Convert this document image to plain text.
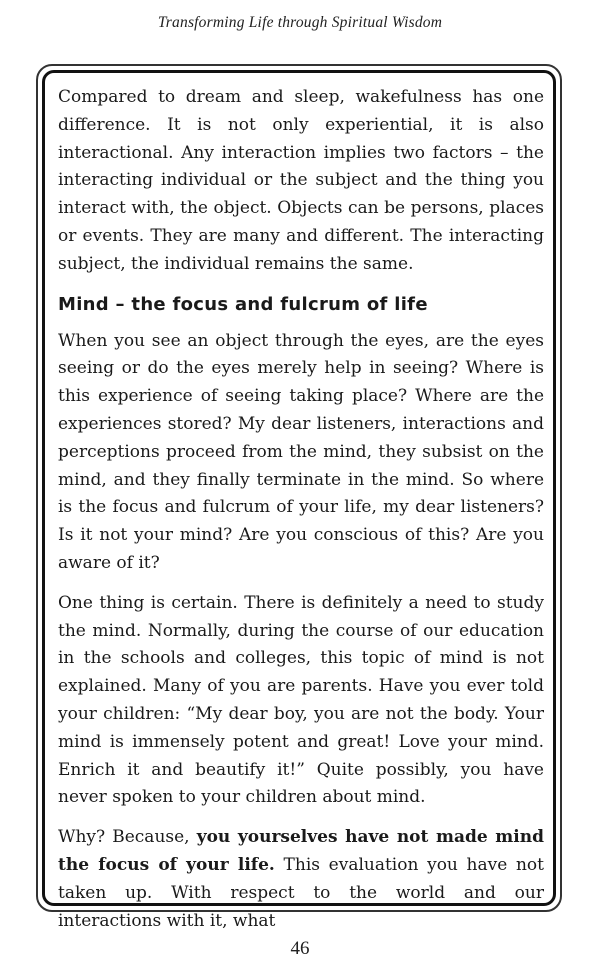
Transforming Life through Spiritual Wisdom

Compared to dream and sleep, wakefulness has one difference. It is not only experiential, it is also interactional. Any interaction implies two factors – the interacting individual or the subject and the thing you interact with, the object. Objects can be persons, places or events. They are many and different. The interacting subject, the individual remains the same.

Mind – the focus and fulcrum of life

When you see an object through the eyes, are the eyes seeing or do the eyes merely help in seeing? Where is this experience of seeing taking place? Where are the experiences stored? My dear listeners, interactions and perceptions proceed from the mind, they subsist on the mind, and they finally terminate in the mind. So where is the focus and fulcrum of your life, my dear listeners? Is it not your mind? Are you conscious of this? Are you aware of it?

One thing is certain. There is definitely a need to study the mind. Normally, during the course of our education in the schools and colleges, this topic of mind is not explained. Many of you are parents. Have you ever told your children: “My dear boy, you are not the body. Your mind is immensely potent and great! Love your mind. Enrich it and beautify it!” Quite possibly, you have never spoken to your children about mind.

Why? Because, you yourselves have not made mind the focus of your life. This evaluation you have not taken up. With respect to the world and our interactions with it, what

46
